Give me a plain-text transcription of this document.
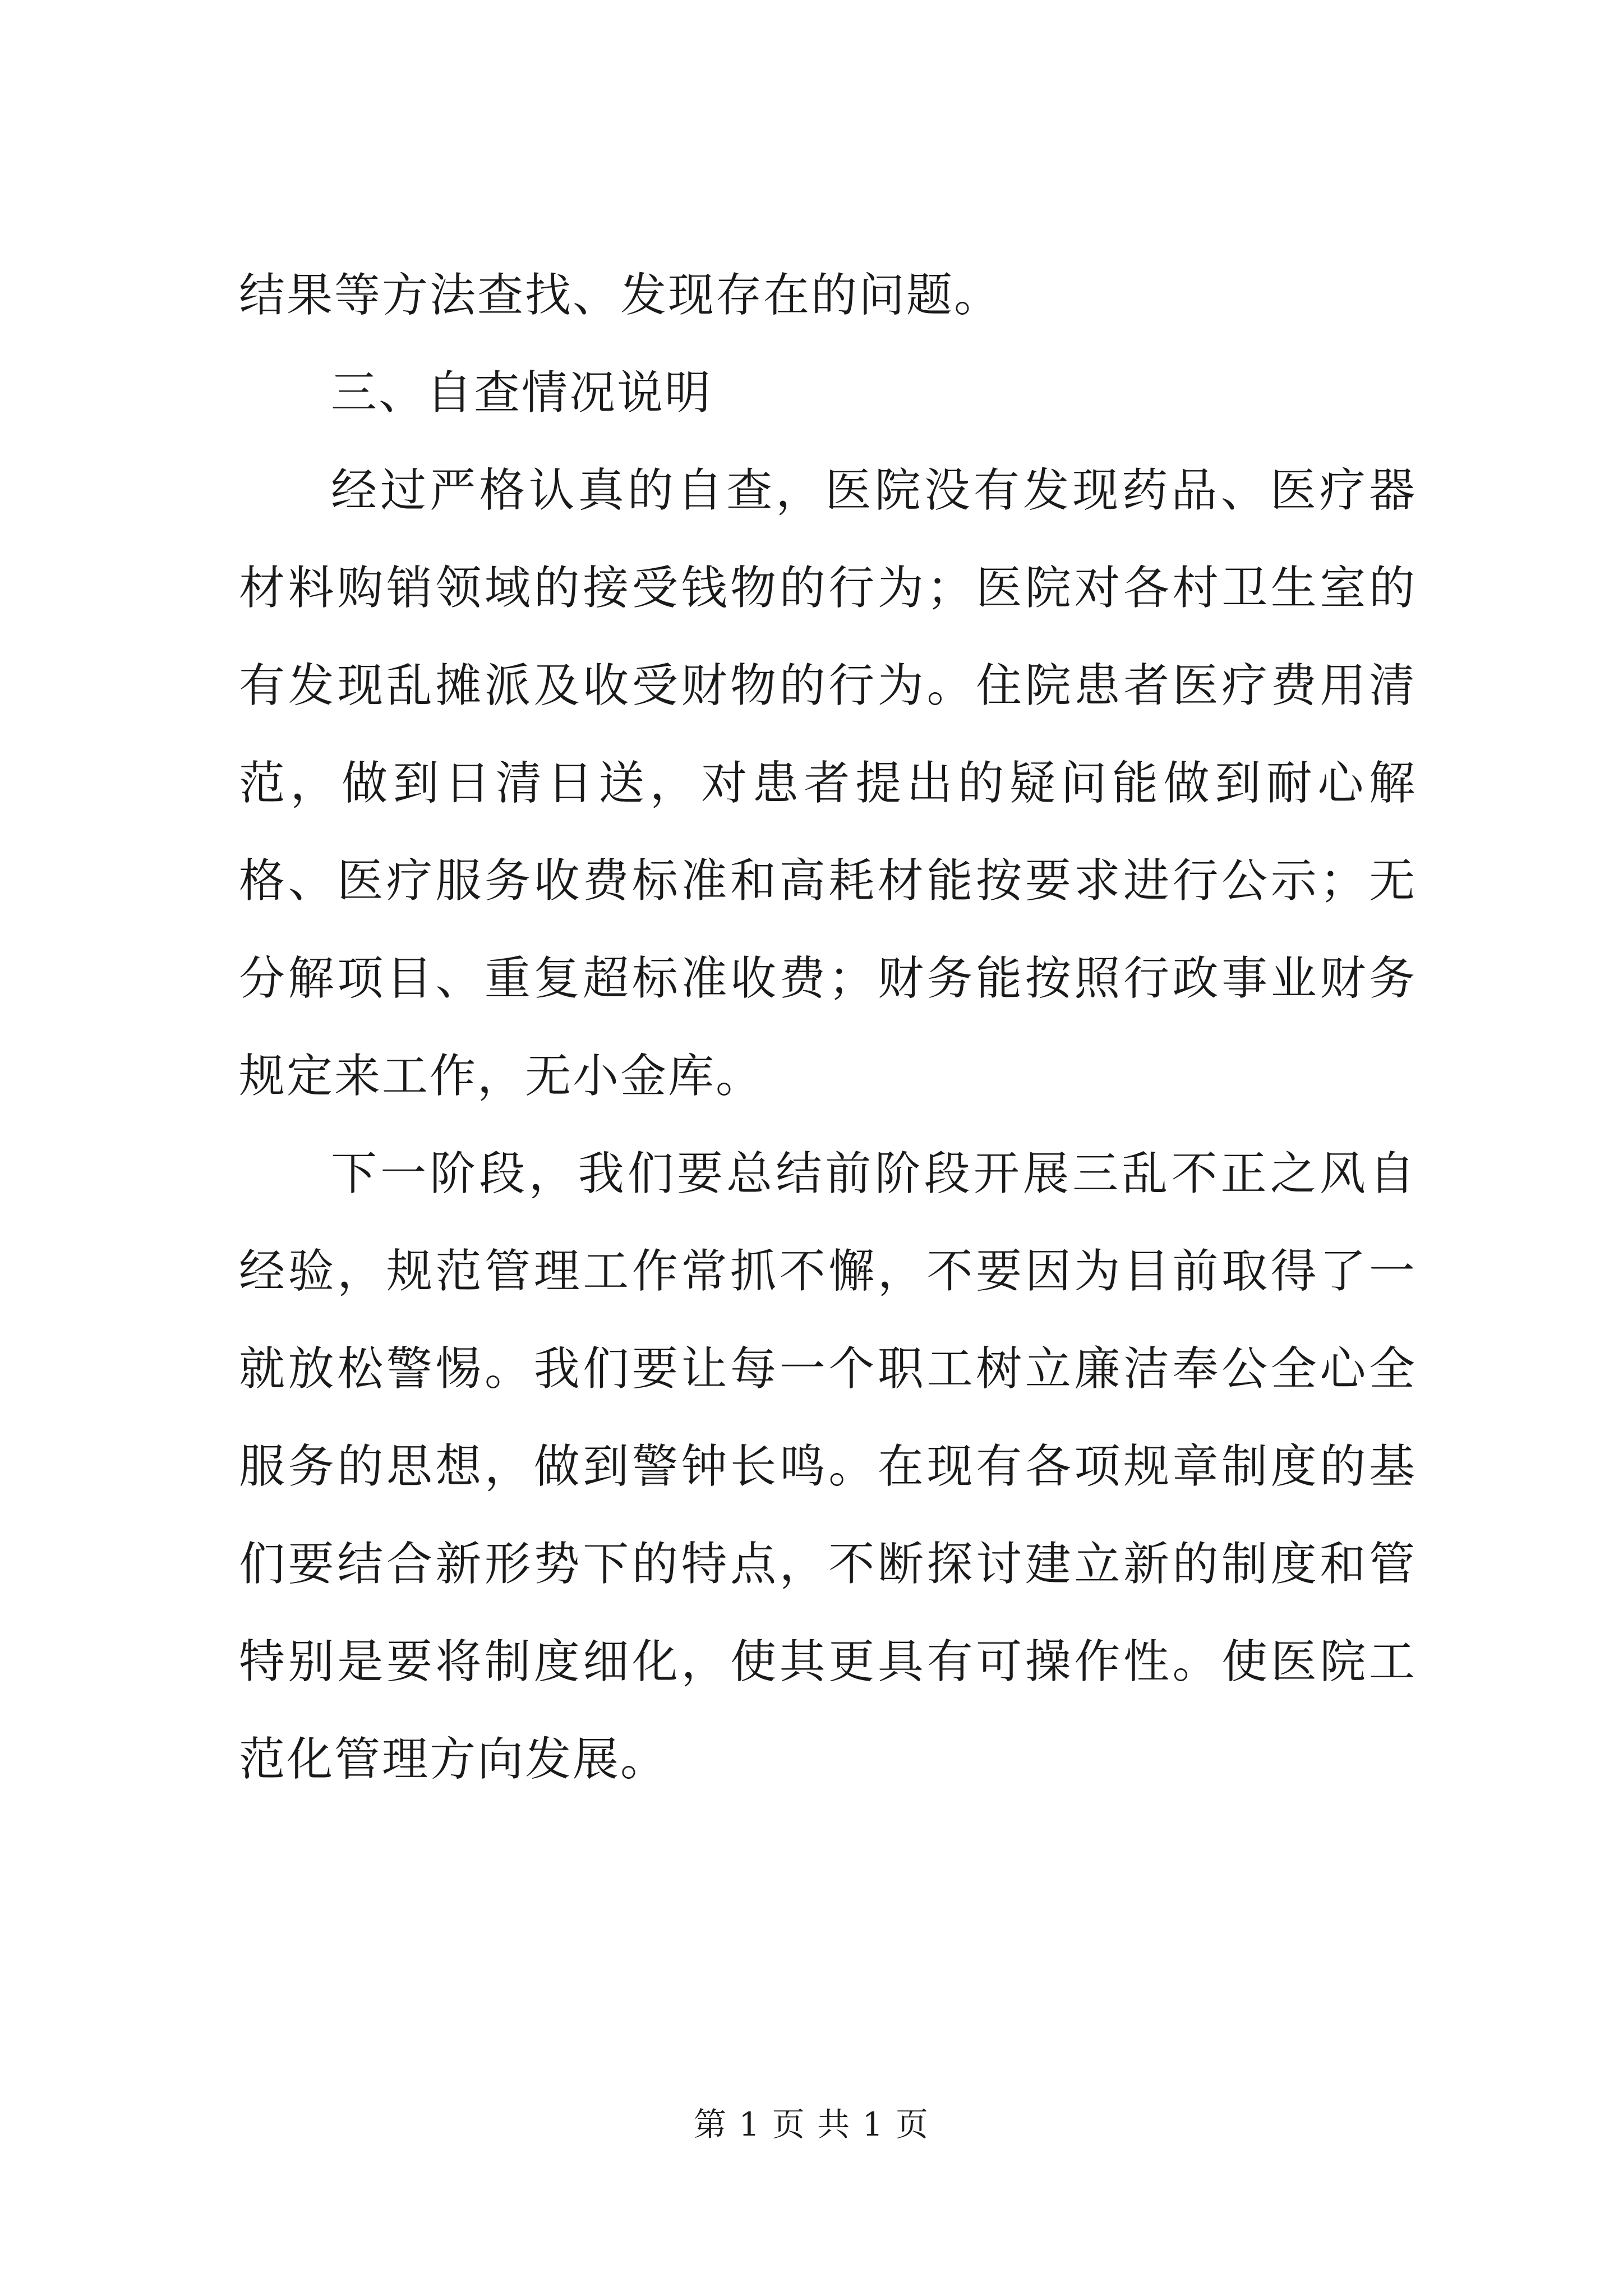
结果等方法查找、发现存在的问题。
三、自查情况说明
经过严格认真的自查，医院没有发现药品、医疗器
材料购销领域的接受钱物的行为；医院对各村卫生室的
有发现乱摊派及收受财物的行为。住院患者医疗费用清
范，做到日清日送，对患者提出的疑问能做到耐心解
格、医疗服务收费标准和高耗材能按要求进行公示；无
分解项目、重复超标准收费；财务能按照行政事业财务
规定来工作，无小金库。
下一阶段，我们要总结前阶段开展三乱不正之风自
经验，规范管理工作常抓不懈，不要因为目前取得了一
就放松警惕。我们要让每一个职工树立廉洁奉公全心全
服务的思想，做到警钟长鸣。在现有各项规章制度的基
们要结合新形势下的特点，不断探讨建立新的制度和管
特别是要将制度细化，使其更具有可操作性。使医院工
范化管理方向发展。
第 1 页 共 1 页
